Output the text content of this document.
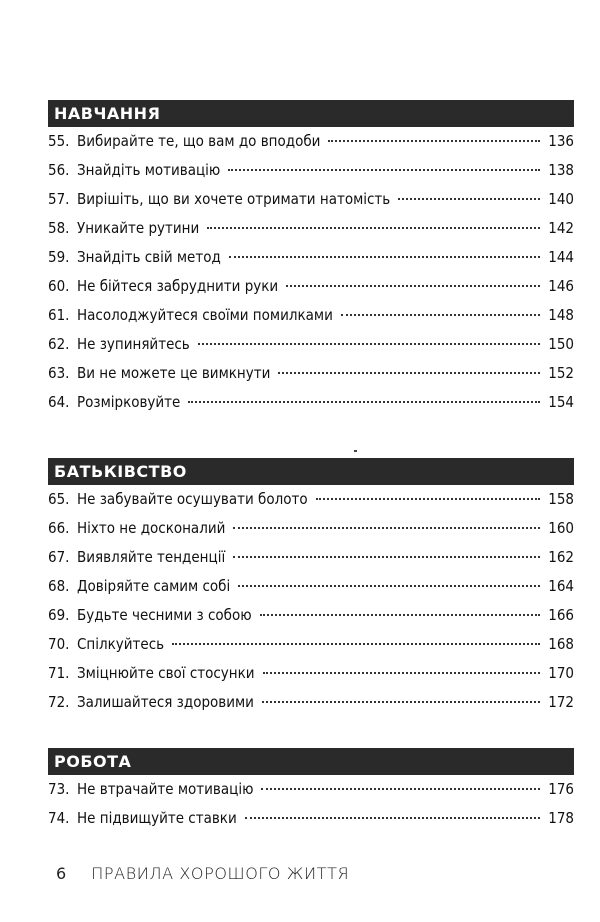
НАВЧАННЯ
55. Вибирайте те, що вам до вподоби	136
56. Знайдіть мотивацію	138
57. Вирішіть, що ви хочете отримати натомість	140
58. Уникайте рутини	142
59. Знайдіть свій метод	144
60. Не бійтеся забруднити руки	146
61. Насолоджуйтеся своїми помилками	148
62. Не зупиняйтесь	150
63. Ви не можете це вимкнути	152
64. Розмірковуйте	154
БАТЬКІВСТВО
65. Не забувайте осушувати болото	158
66. Ніхто не досконалий	160
67. Виявляйте тенденції	162
68. Довіряйте самим собі	164
69. Будьте чесними з собою	166
70. Спілкуйтесь	168
71. Зміцнюйте свої стосунки	170
72. Залишайтеся здоровими	172
РОБОТА
73. Не втрачайте мотивацію	176
74. Не підвищуйте ставки	178
6 ПРАВИЛА ХОРОШОГО ЖИТТЯ
